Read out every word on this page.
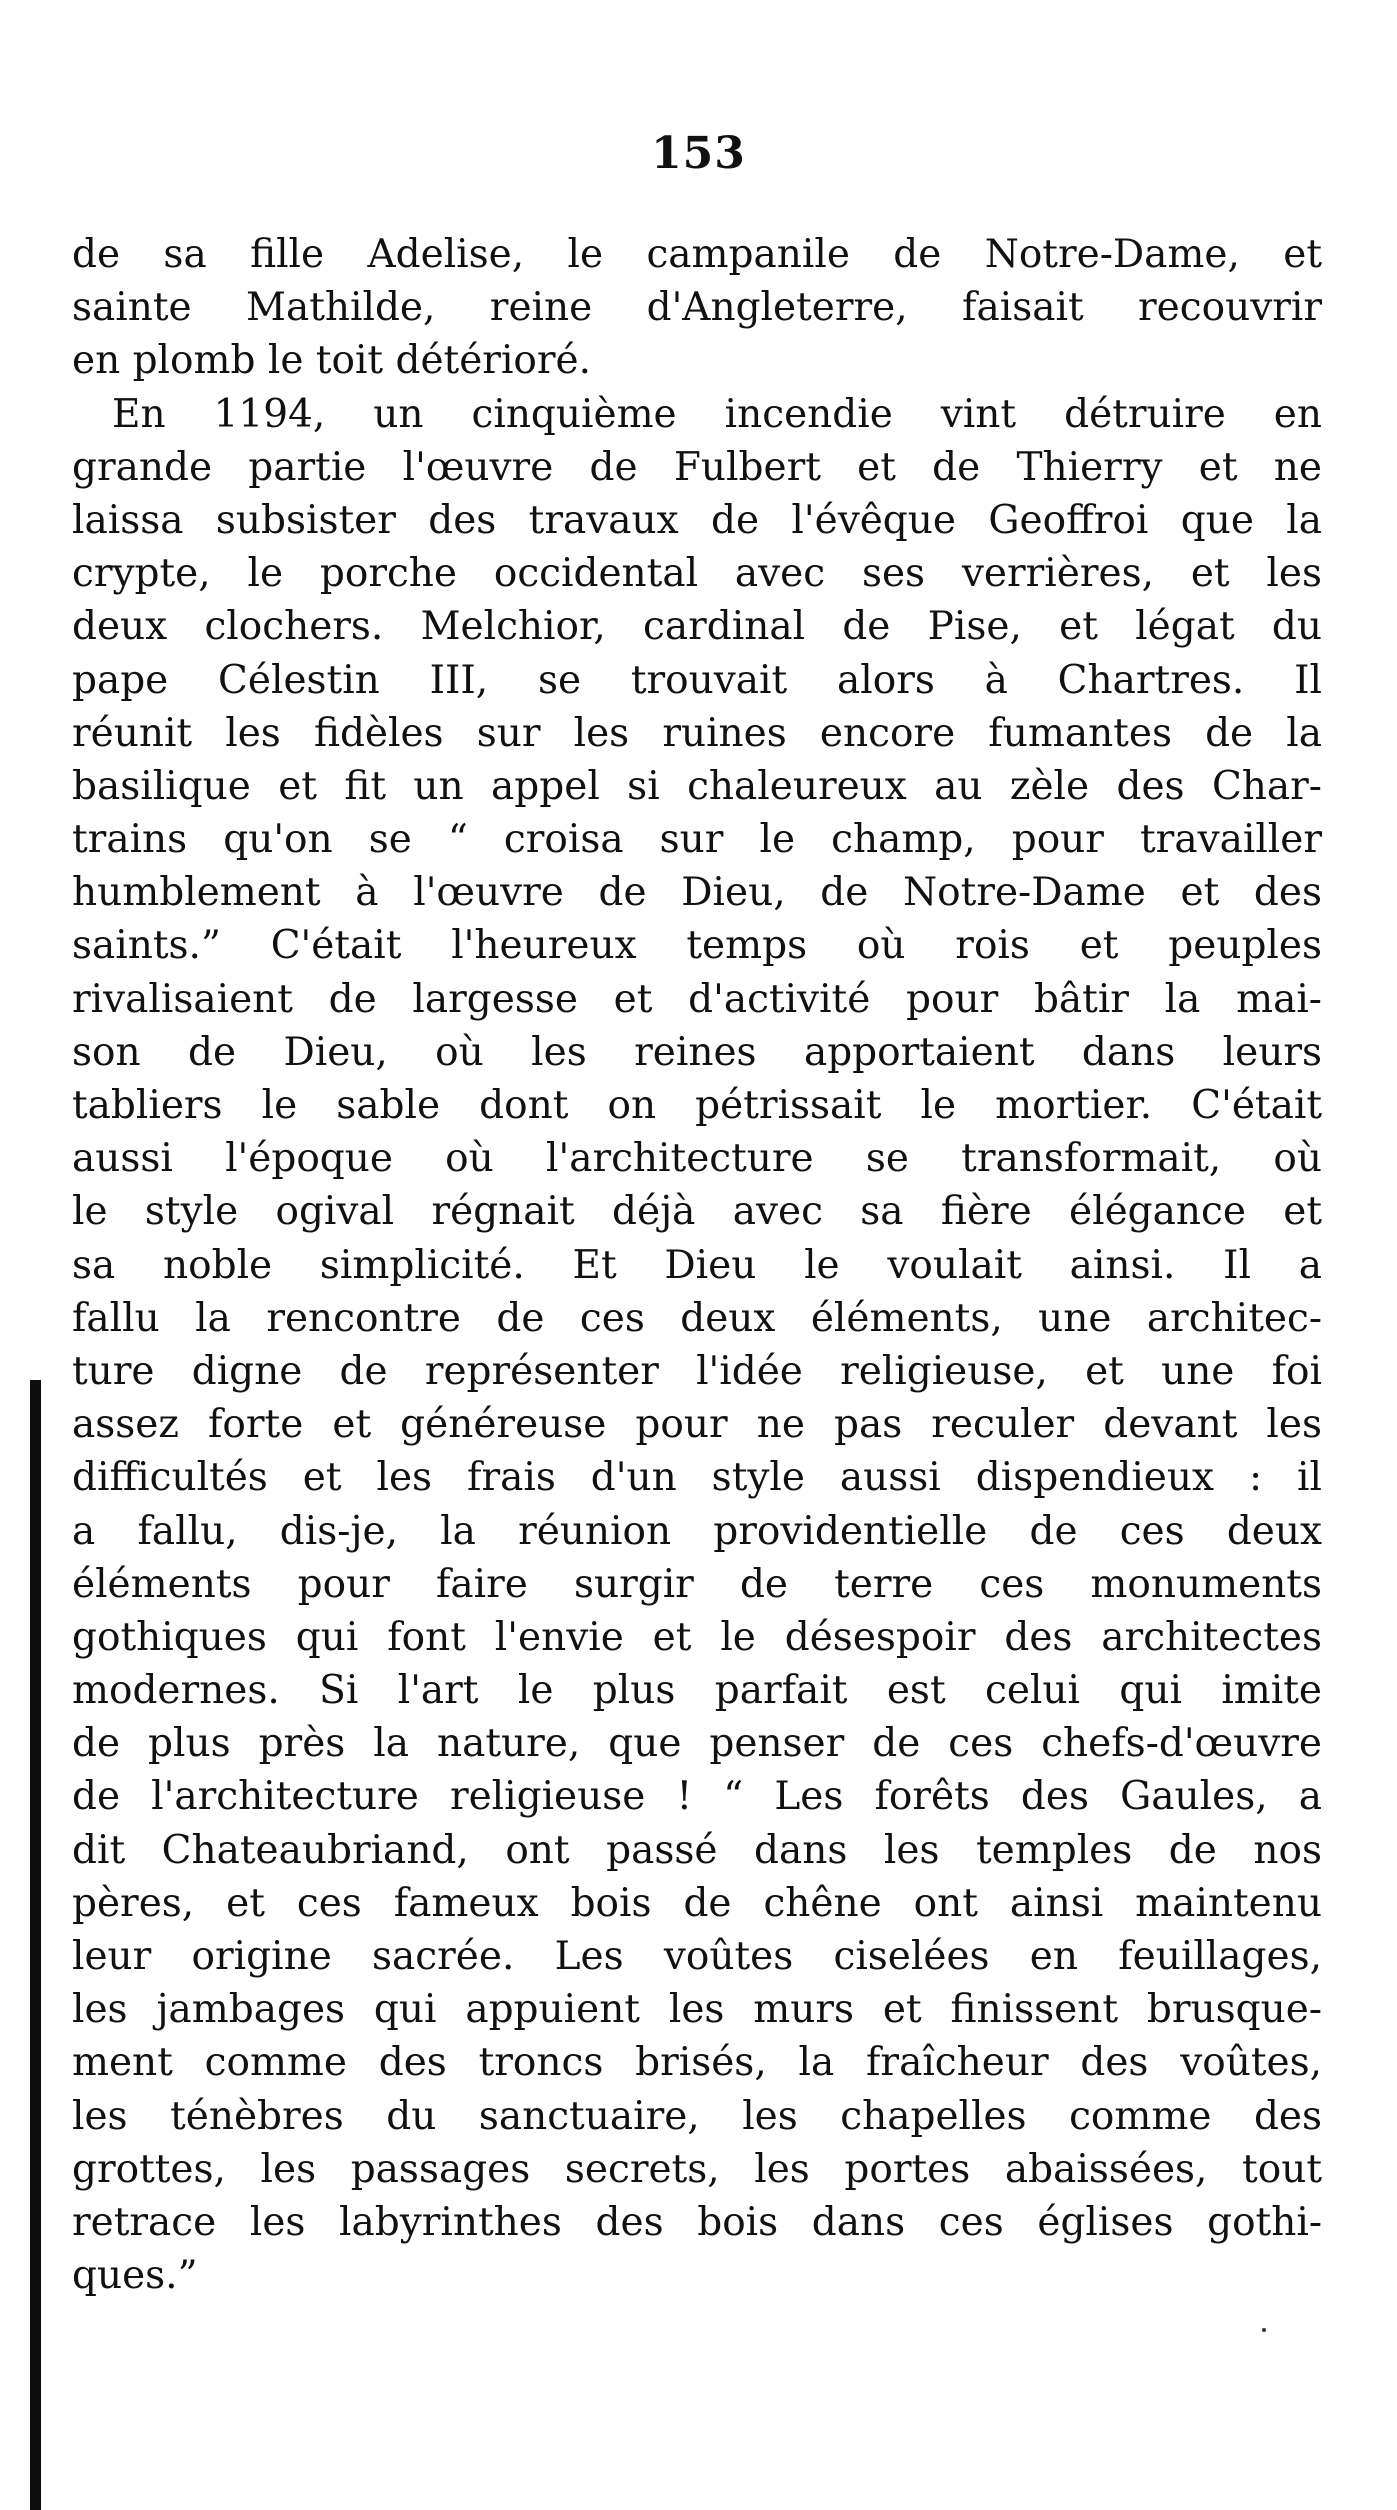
153
de sa fille Adelise, le campanile de Notre-Dame, et
sainte Mathilde, reine d'Angleterre, faisait recouvrir
en plomb le toit détérioré.
En 1194, un cinquième incendie vint détruire en
grande partie l'œuvre de Fulbert et de Thierry et ne
laissa subsister des travaux de l'évêque Geoffroi que la
crypte, le porche occidental avec ses verrières, et les
deux clochers. Melchior, cardinal de Pise, et légat du
pape Célestin III, se trouvait alors à Chartres. Il
réunit les fidèles sur les ruines encore fumantes de la
basilique et fit un appel si chaleureux au zèle des Char-
trains qu'on se “ croisa sur le champ, pour travailler
humblement à l'œuvre de Dieu, de Notre-Dame et des
saints.” C'était l'heureux temps où rois et peuples
rivalisaient de largesse et d'activité pour bâtir la mai-
son de Dieu, où les reines apportaient dans leurs
tabliers le sable dont on pétrissait le mortier. C'était
aussi l'époque où l'architecture se transformait, où
le style ogival régnait déjà avec sa fière élégance et
sa noble simplicité. Et Dieu le voulait ainsi. Il a
fallu la rencontre de ces deux éléments, une architec-
ture digne de représenter l'idée religieuse, et une foi
assez forte et généreuse pour ne pas reculer devant les
difficultés et les frais d'un style aussi dispendieux : il
a fallu, dis-je, la réunion providentielle de ces deux
éléments pour faire surgir de terre ces monuments
gothiques qui font l'envie et le désespoir des architectes
modernes. Si l'art le plus parfait est celui qui imite
de plus près la nature, que penser de ces chefs-d'œuvre
de l'architecture religieuse ! “ Les forêts des Gaules, a
dit Chateaubriand, ont passé dans les temples de nos
pères, et ces fameux bois de chêne ont ainsi maintenu
leur origine sacrée. Les voûtes ciselées en feuillages,
les jambages qui appuient les murs et finissent brusque-
ment comme des troncs brisés, la fraîcheur des voûtes,
les ténèbres du sanctuaire, les chapelles comme des
grottes, les passages secrets, les portes abaissées, tout
retrace les labyrinthes des bois dans ces églises gothi-
ques.”
